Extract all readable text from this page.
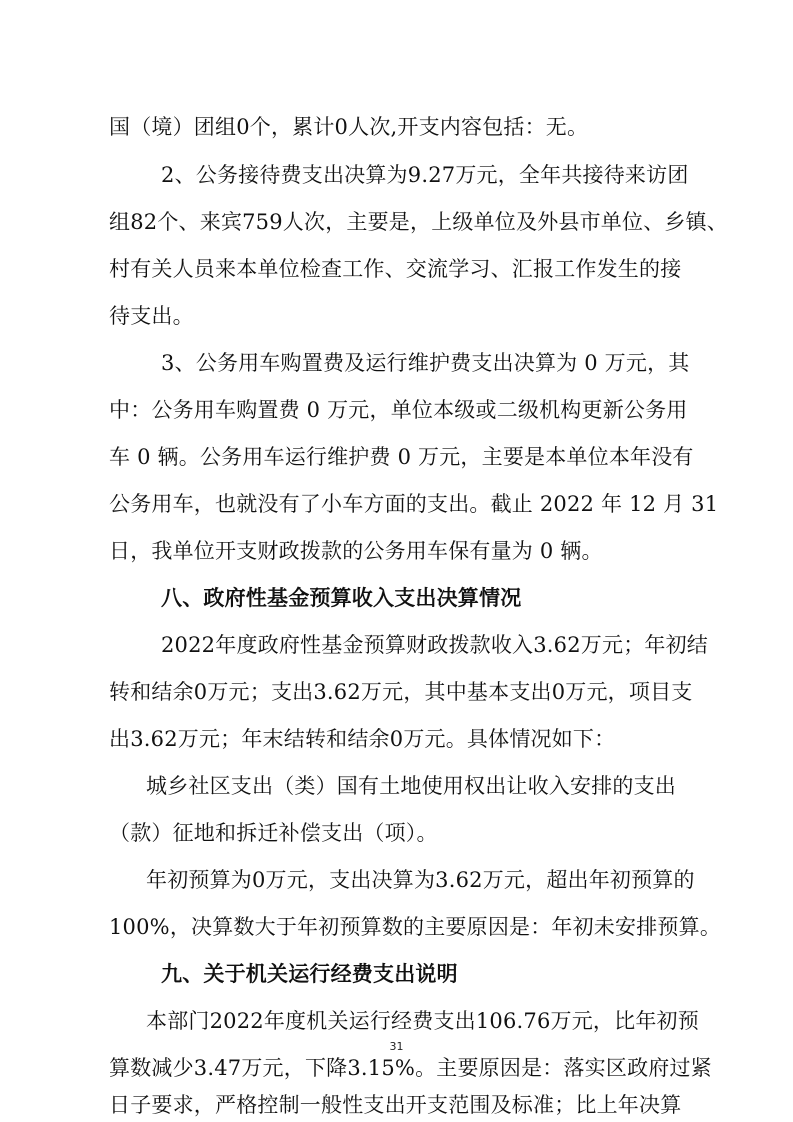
国（境）团组0个，累计0人次,开支内容包括：无。
2、公务接待费支出决算为9.27万元，全年共接待来访团
组82个、来宾759人次，主要是，上级单位及外县市单位、乡镇、
村有关人员来本单位检查工作、交流学习、汇报工作发生的接
待支出。
3、公务用车购置费及运行维护费支出决算为 0 万元，其
中：公务用车购置费 0 万元，单位本级或二级机构更新公务用
车 0 辆。公务用车运行维护费 0 万元，主要是本单位本年没有
公务用车，也就没有了小车方面的支出。截止 2022 年 12 月 31
日，我单位开支财政拨款的公务用车保有量为 0 辆。
八、政府性基金预算收入支出决算情况
2022年度政府性基金预算财政拨款收入3.62万元；年初结
转和结余0万元；支出3.62万元，其中基本支出0万元，项目支
出3.62万元；年末结转和结余0万元。具体情况如下：
城乡社区支出（类）国有土地使用权出让收入安排的支出
（款）征地和拆迁补偿支出（项）。
年初预算为0万元，支出决算为3.62万元，超出年初预算的
100%，决算数大于年初预算数的主要原因是：年初未安排预算。
九、关于机关运行经费支出说明
本部门2022年度机关运行经费支出106.76万元，比年初预
算数减少3.47万元，下降3.15%。主要原因是：落实区政府过紧
日子要求，严格控制一般性支出开支范围及标准；比上年决算
31
